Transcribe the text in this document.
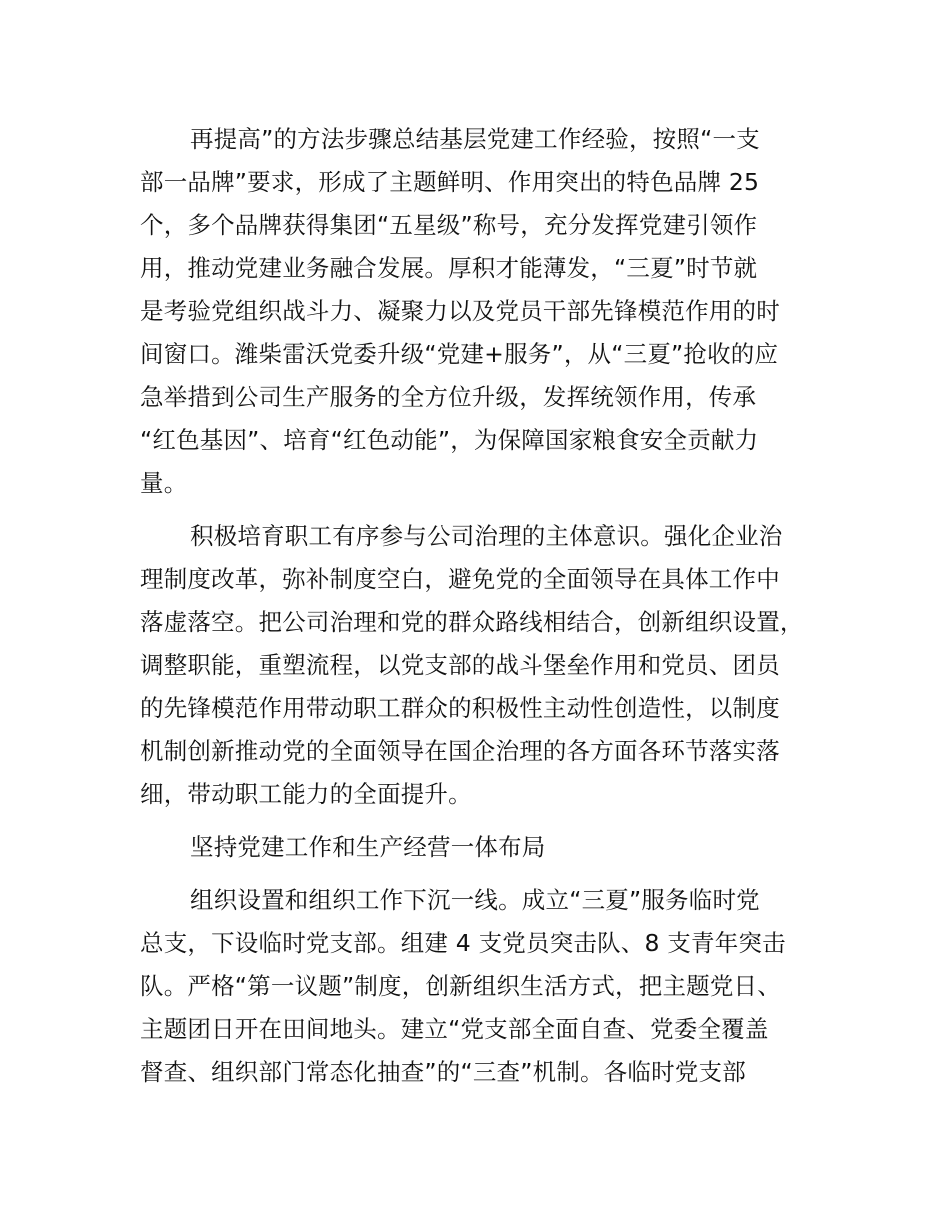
再提高”的方法步骤总结基层党建工作经验，按照“一支
部一品牌”要求，形成了主题鲜明、作用突出的特色品牌 25
个，多个品牌获得集团“五星级”称号，充分发挥党建引领作
用，推动党建业务融合发展。厚积才能薄发，“三夏”时节就
是考验党组织战斗力、凝聚力以及党员干部先锋模范作用的时
间窗口。潍柴雷沃党委升级“党建+服务”，从“三夏”抢收的应
急举措到公司生产服务的全方位升级，发挥统领作用，传承
“红色基因”、培育“红色动能”，为保障国家粮食安全贡献力
量。
积极培育职工有序参与公司治理的主体意识。强化企业治
理制度改革，弥补制度空白，避免党的全面领导在具体工作中
落虚落空。把公司治理和党的群众路线相结合，创新组织设置，
调整职能，重塑流程，以党支部的战斗堡垒作用和党员、团员
的先锋模范作用带动职工群众的积极性主动性创造性，以制度
机制创新推动党的全面领导在国企治理的各方面各环节落实落
细，带动职工能力的全面提升。
坚持党建工作和生产经营一体布局
组织设置和组织工作下沉一线。成立“三夏”服务临时党
总支，下设临时党支部。组建 4 支党员突击队、8 支青年突击
队。严格“第一议题”制度，创新组织生活方式，把主题党日、
主题团日开在田间地头。建立“党支部全面自查、党委全覆盖
督查、组织部门常态化抽查”的“三查”机制。各临时党支部
